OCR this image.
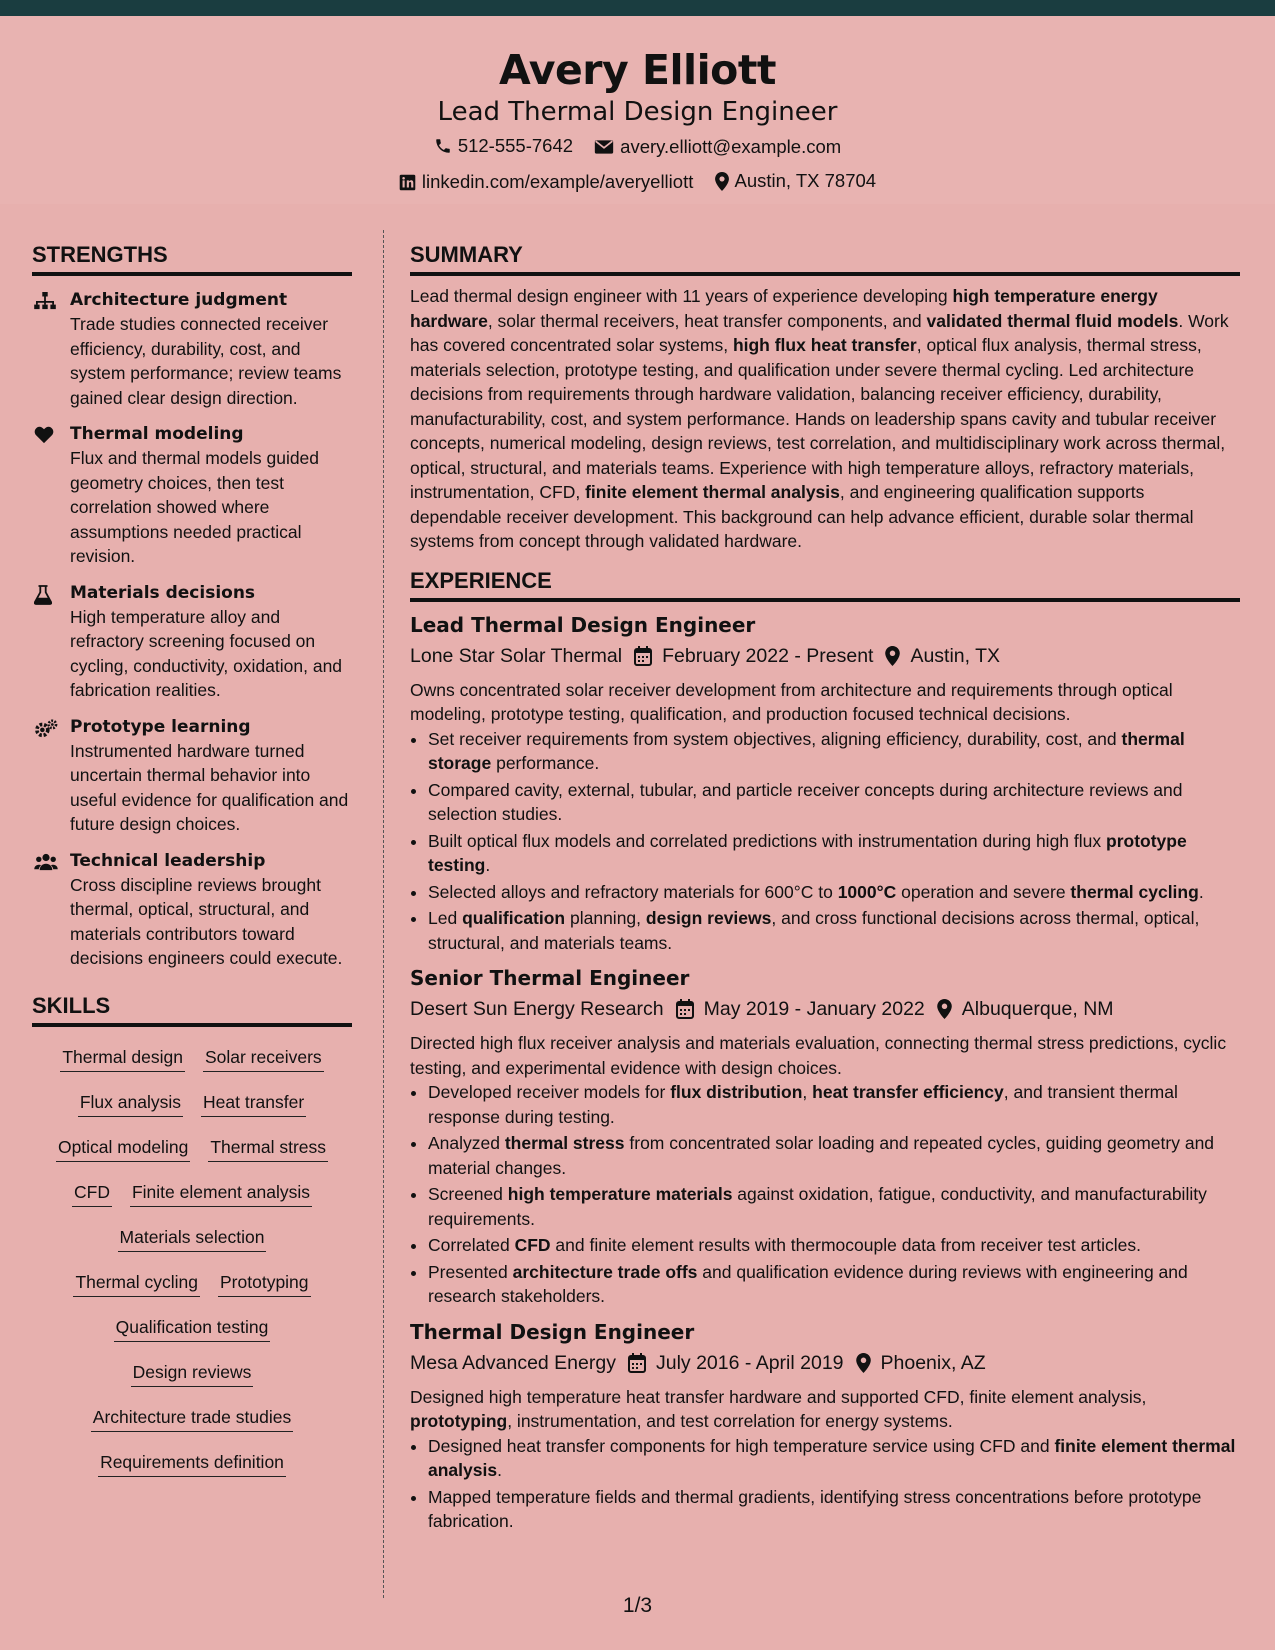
Avery Elliott
Lead Thermal Design Engineer
512-555-7642
	avery.elliott@example.com
linkedin.com/example/averyelliott
Austin, TX 78704
STRENGTHS
Architecture judgment
Trade studies connected receiver efficiency, durability, cost, and system performance; review teams gained clear design direction.
Thermal modeling
Flux and thermal models guided geometry choices, then test correlation showed where assumptions needed practical revision.
Materials decisions
High temperature alloy and refractory screening focused on cycling, conductivity, oxidation, and fabrication realities.
Prototype learning
Instrumented hardware turned uncertain thermal behavior into useful evidence for qualification and future design choices.
Technical leadership
Cross discipline reviews brought thermal, optical, structural, and materials contributors toward decisions engineers could execute.
SKILLS
Thermal design Solar receivers
Flux analysis Heat transfer
Optical modeling Thermal stress
CFD Finite element analysis
Materials selection
Thermal cycling Prototyping
Qualification testing
Design reviews
Architecture trade studies
Requirements definition
SUMMARY
Lead thermal design engineer with 11 years of experience developing high temperature energy hardware, solar thermal receivers, heat transfer components, and validated thermal fluid models. Work has covered concentrated solar systems, high flux heat transfer, optical flux analysis, thermal stress, materials selection, prototype testing, and qualification under severe thermal cycling. Led architecture decisions from requirements through hardware validation, balancing receiver efficiency, durability, manufacturability, cost, and system performance. Hands on leadership spans cavity and tubular receiver concepts, numerical modeling, design reviews, test correlation, and multidisciplinary work across thermal, optical, structural, and materials teams. Experience with high temperature alloys, refractory materials, instrumentation, CFD, finite element thermal analysis, and engineering qualification supports dependable receiver development. This background can help advance efficient, durable solar thermal systems from concept through validated hardware.
EXPERIENCE
Lead Thermal Design Engineer
Lone Star Solar Thermal February 2022 - Present Austin, TX
Owns concentrated solar receiver development from architecture and requirements through optical modeling, prototype testing, qualification, and production focused technical decisions.
• Set receiver requirements from system objectives, aligning efficiency, durability, cost, and thermal storage performance.
• Compared cavity, external, tubular, and particle receiver concepts during architecture reviews and selection studies.
• Built optical flux models and correlated predictions with instrumentation during high flux prototype testing.
• Selected alloys and refractory materials for 600°C to 1000°C operation and severe thermal cycling.
• Led qualification planning, design reviews, and cross functional decisions across thermal, optical, structural, and materials teams.
Senior Thermal Engineer
Desert Sun Energy Research May 2019 - January 2022 Albuquerque, NM
Directed high flux receiver analysis and materials evaluation, connecting thermal stress predictions, cyclic testing, and experimental evidence with design choices.
• Developed receiver models for flux distribution, heat transfer efficiency, and transient thermal response during testing.
• Analyzed thermal stress from concentrated solar loading and repeated cycles, guiding geometry and material changes.
• Screened high temperature materials against oxidation, fatigue, conductivity, and manufacturability requirements.
• Correlated CFD and finite element results with thermocouple data from receiver test articles.
• Presented architecture trade offs and qualification evidence during reviews with engineering and research stakeholders.
Thermal Design Engineer
Mesa Advanced Energy July 2016 - April 2019 Phoenix, AZ
Designed high temperature heat transfer hardware and supported CFD, finite element analysis, prototyping, instrumentation, and test correlation for energy systems.
• Designed heat transfer components for high temperature service using CFD and finite element thermal analysis.
• Mapped temperature fields and thermal gradients, identifying stress concentrations before prototype fabrication.
1/3
